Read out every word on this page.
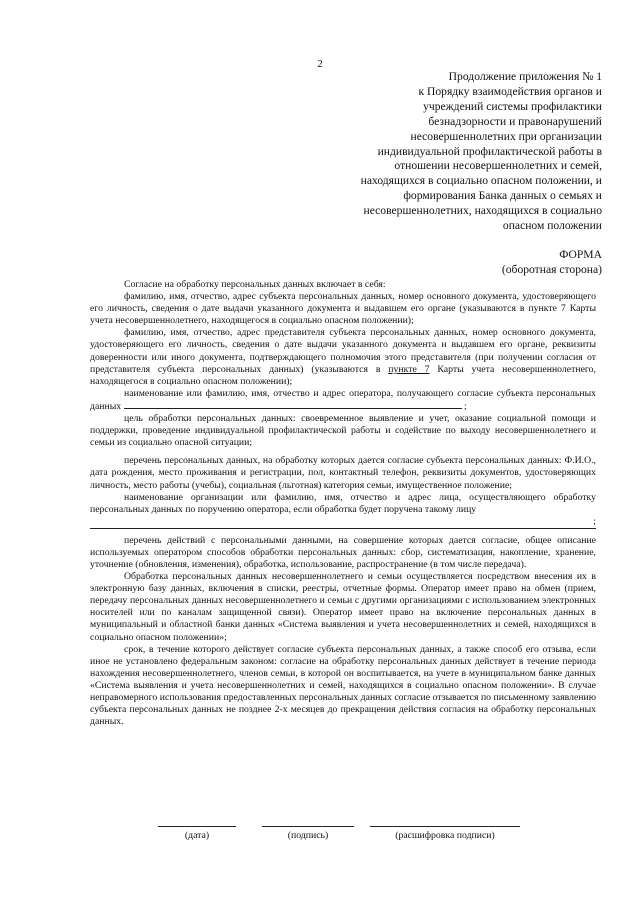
2
Продолжение приложения № 1
к Порядку взаимодействия органов и
учреждений системы профилактики
безнадзорности и правонарушений
несовершеннолетних при организации
индивидуальной профилактической работы в
отношении несовершеннолетних и семей,
находящихся в социально опасном положении, и
формирования Банка данных о семьях и
несовершеннолетних, находящихся в социально
опасном положении
ФОРМА
(оборотная сторона)

Согласие на обработку персональных данных включает в себя:

фамилию, имя, отчество, адрес субъекта персональных данных, номер основного документа, удостоверяющего его личность, сведения о дате выдачи указанного документа и выдавшем его органе (указываются в пункте 7 Карты учета несовершеннолетнего, находящегося в социально опасном положении);

фамилию, имя, отчество, адрес представителя субъекта персональных данных, номер основного документа, удостоверяющего его личность, сведения о дате выдачи указанного документа и выдавшем его органе, реквизиты доверенности или иного документа, подтверждающего полномочия этого представителя (при получении согласия от представителя субъекта персональных данных) (указываются в пункте 7 Карты учета несовершеннолетнего, находящегося в социально опасном положении);

наименование или фамилию, имя, отчество и адрес оператора, получающего согласие субъекта персональных данных	;

цель обработки персональных данных: своевременное выявление и учет, оказание социальной помощи и поддержки, проведение индивидуальной профилактической работы и содействие по выходу несовершеннолетнего и семьи из социально опасной ситуации;

перечень персональных данных, на обработку которых дается согласие субъекта персональных данных: Ф.И.О., дата рождения, место проживания и регистрации, пол, контактный телефон, реквизиты документов, удостоверяющих личность, место работы (учебы), социальная (льготная) категория семьи, имущественное положение;

наименование организации или фамилию, имя, отчество и адрес лица, осуществляющего обработку персональных данных по поручению оператора, если обработка будет поручена такому лицу

;

перечень действий с персональными данными, на совершение которых дается согласие, общее описание используемых оператором способов обработки персональных данных: сбор, систематизация, накопление, хранение, уточнение (обновления, изменения), обработка, использование, распространение (в том числе передача).

Обработка персональных данных несовершеннолетнего и семьи осуществляется посредством внесения их в электронную базу данных, включения в списки, реестры, отчетные формы. Оператор имеет право на обмен (прием, передачу персональных данных несовершеннолетнего и семьи с другими организациями с использованием электронных носителей или по каналам защищенной связи). Оператор имеет право на включение персональных данных в муниципальный и областной банки данных «Система выявления и учета несовершеннолетних и семей, находящихся в социально опасном положении»;

срок, в течение которого действует согласие субъекта персональных данных, а также способ его отзыва, если иное не установлено федеральным законом: согласие на обработку персональных данных действует в течение периода нахождения несовершеннолетнего, членов семьи, в которой он воспитывается, на учете в муниципальном банке данных «Система выявления и учета несовершеннолетних и семей, находящихся в социально опасном положении». В случае неправомерного использования предоставленных персональных данных согласие отзывается по письменному заявлению субъекта персональных данных не позднее 2-х месяцев до прекращения действия согласия на обработку персональных данных.

(дата)	(подпись)	(расшифровка подписи)
